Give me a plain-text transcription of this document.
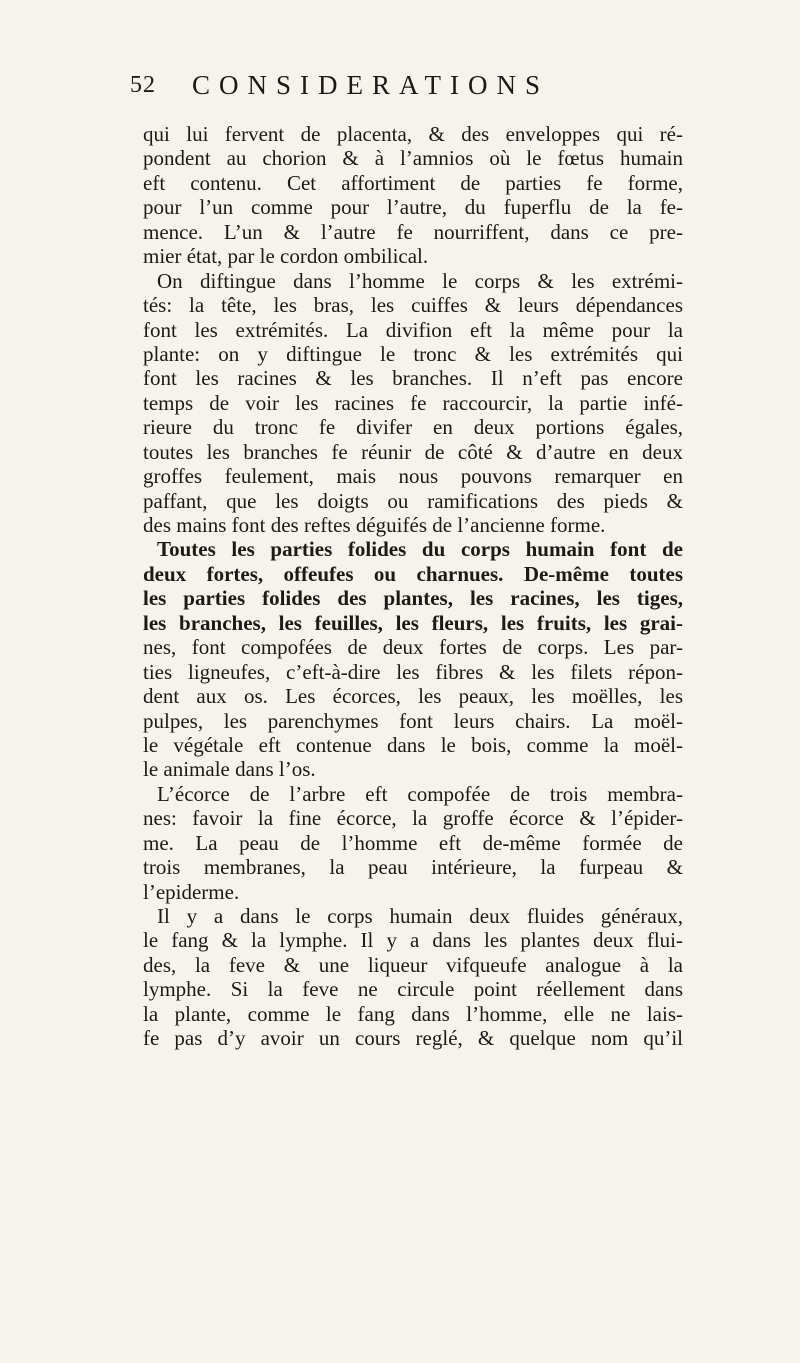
52 CONSIDERATIONS
qui lui fervent de placenta, & des enveloppes qui ré-
pondent au chorion & à l’amnios où le fœtus humain
eft contenu. Cet affortiment de parties fe forme,
pour l’un comme pour l’autre, du fuperflu de la fe-
mence. L’un & l’autre fe nourriffent, dans ce pre-
mier état, par le cordon ombilical.
On diftingue dans l’homme le corps & les extrémi-
tés: la tête, les bras, les cuiffes & leurs dépendances
font les extrémités. La divifion eft la même pour la
plante: on y diftingue le tronc & les extrémités qui
font les racines & les branches. Il n’eft pas encore
temps de voir les racines fe raccourcir, la partie infé-
rieure du tronc fe divifer en deux portions égales,
toutes les branches fe réunir de côté & d’autre en deux
groffes feulement, mais nous pouvons remarquer en
paffant, que les doigts ou ramifications des pieds &
des mains font des reftes déguifés de l’ancienne forme.
Toutes les parties folides du corps humain font de
deux fortes, offeufes ou charnues. De-même toutes
les parties folides des plantes, les racines, les tiges,
les branches, les feuilles, les fleurs, les fruits, les grai-
nes, font compofées de deux fortes de corps. Les par-
ties ligneufes, c’eft-à-dire les fibres & les filets répon-
dent aux os. Les écorces, les peaux, les moëlles, les
pulpes, les parenchymes font leurs chairs. La moël-
le végétale eft contenue dans le bois, comme la moël-
le animale dans l’os.
L’écorce de l’arbre eft compofée de trois membra-
nes: favoir la fine écorce, la groffe écorce & l’épider-
me. La peau de l’homme eft de-même formée de
trois membranes, la peau intérieure, la furpeau &
l’epiderme.
Il y a dans le corps humain deux fluides généraux,
le fang & la lymphe. Il y a dans les plantes deux flui-
des, la feve & une liqueur vifqueufe analogue à la
lymphe. Si la feve ne circule point réellement dans
la plante, comme le fang dans l’homme, elle ne lais-
fe pas d’y avoir un cours reglé, & quelque nom qu’il
